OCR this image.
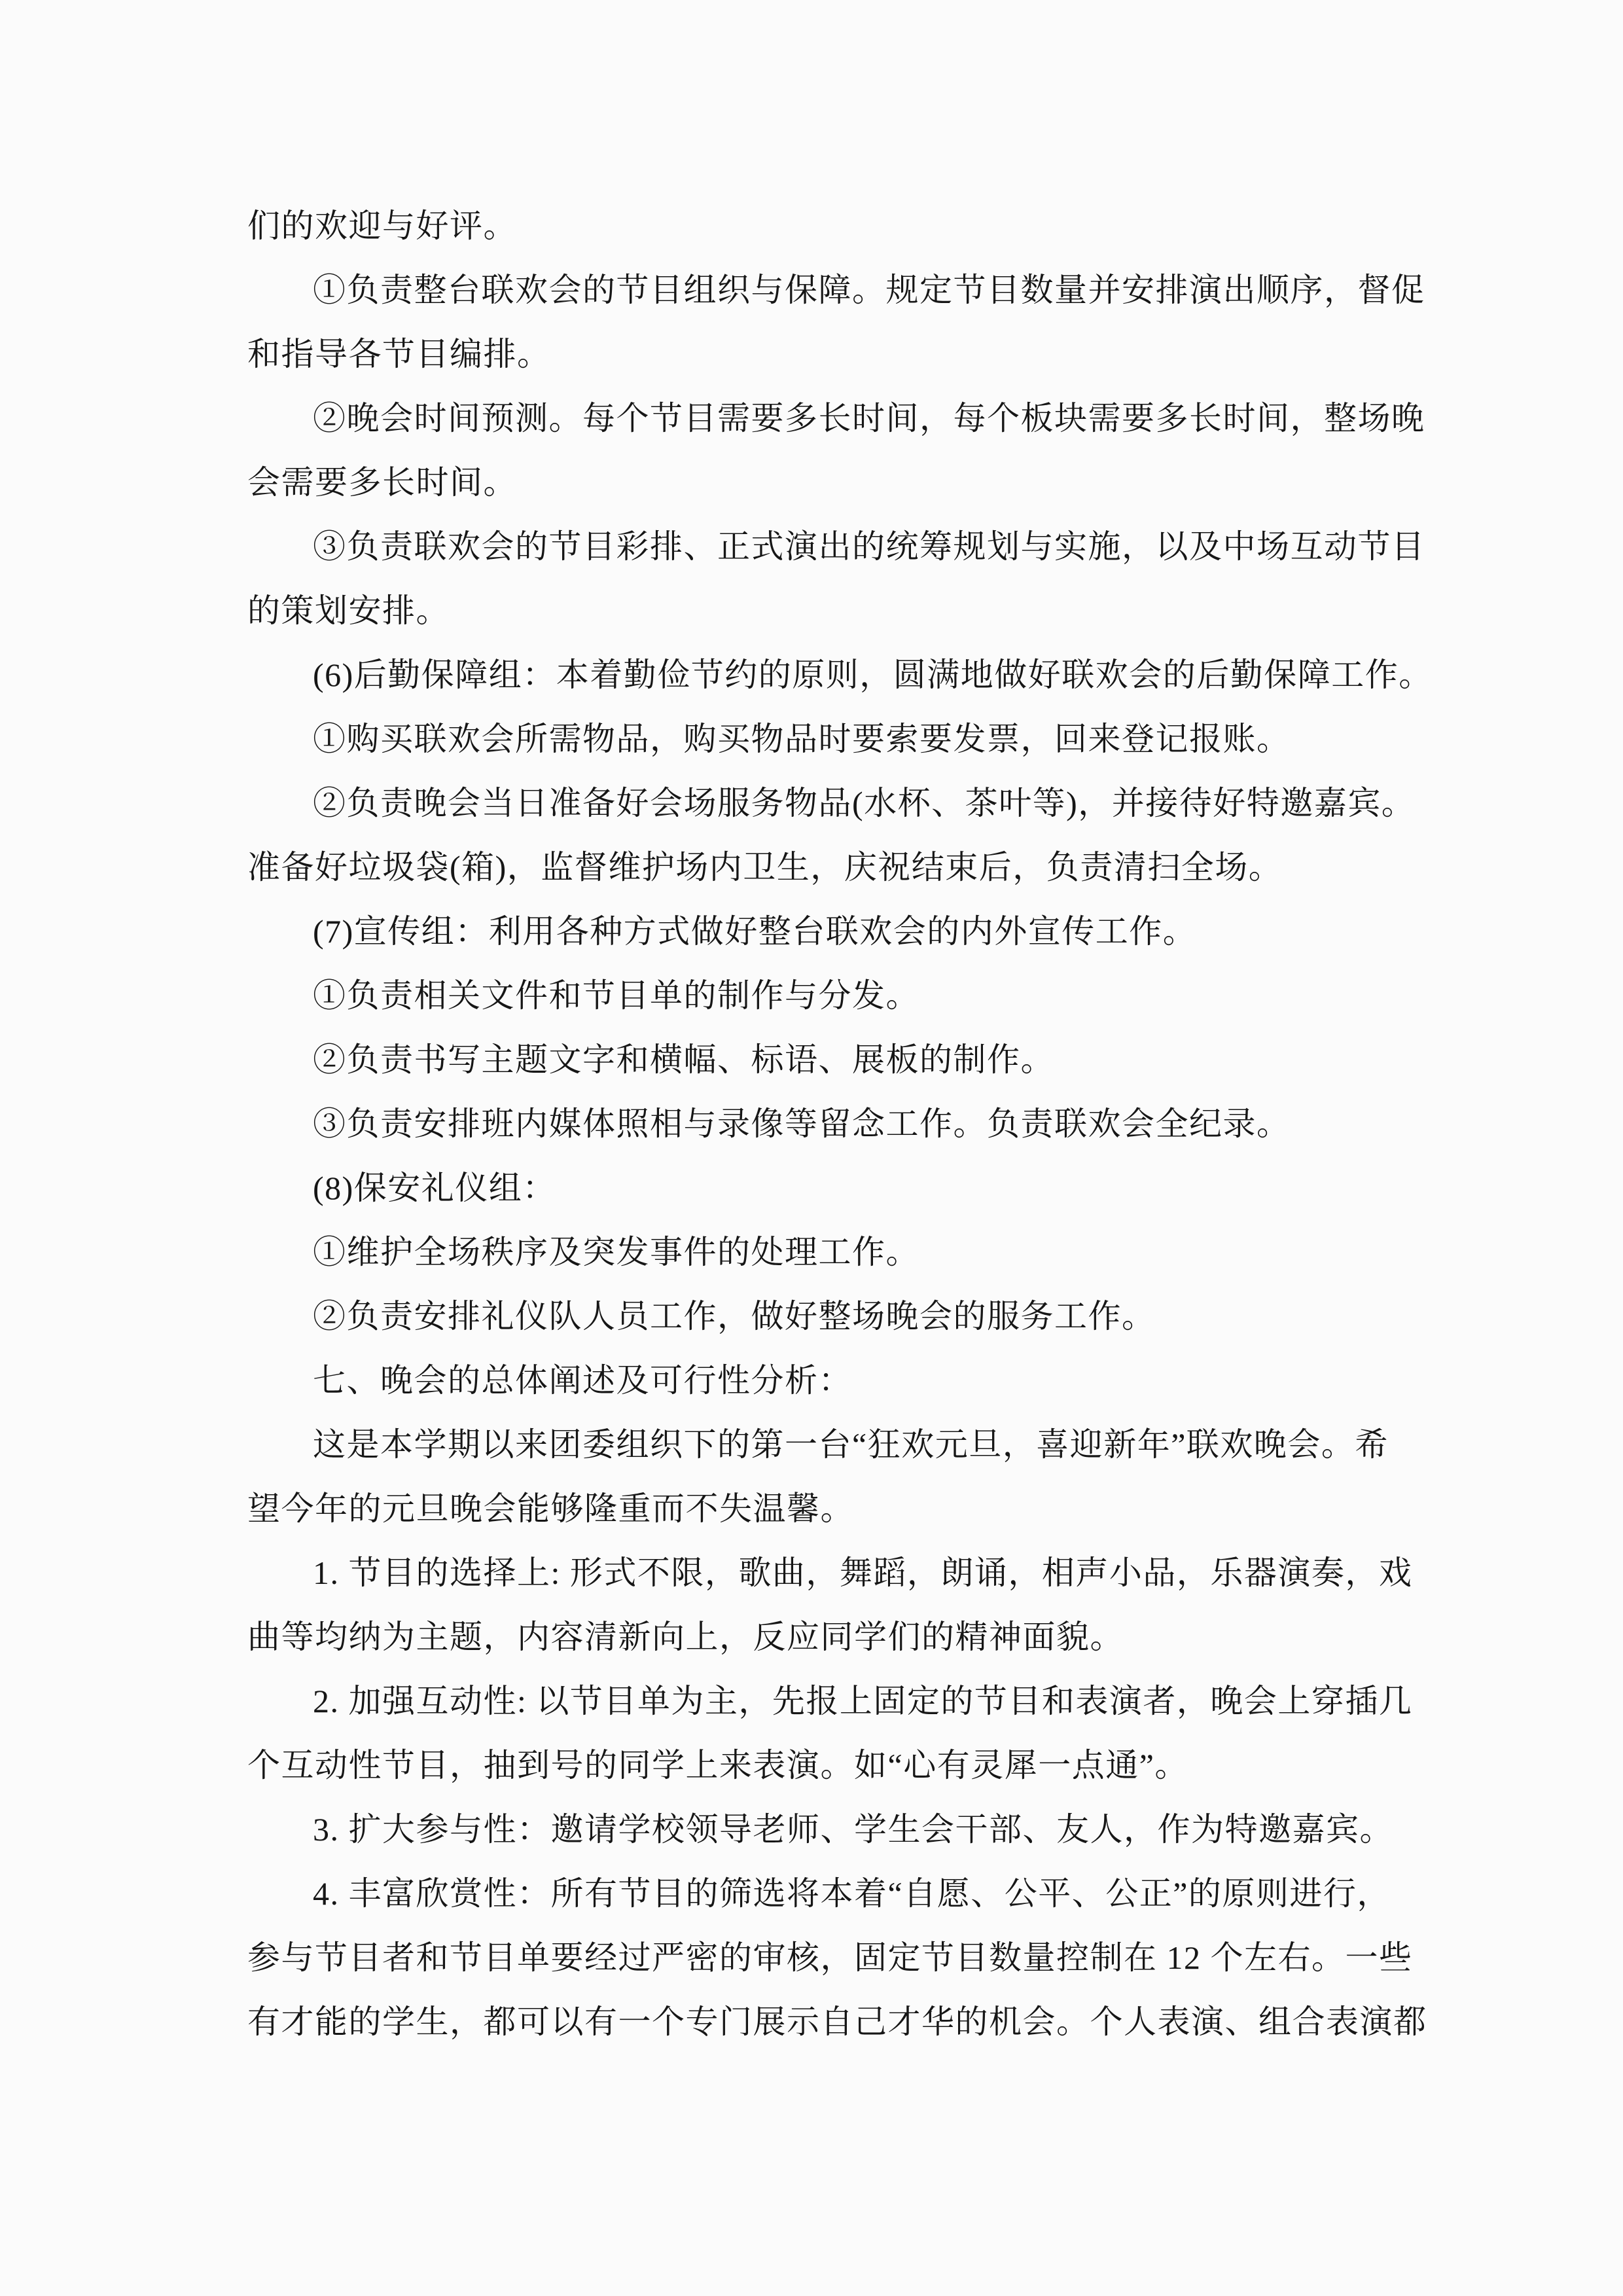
们的欢迎与好评。

①负责整台联欢会的节目组织与保障。规定节目数量并安排演出顺序，督促

和指导各节目编排。

②晚会时间预测。每个节目需要多长时间，每个板块需要多长时间，整场晚

会需要多长时间。

③负责联欢会的节目彩排、正式演出的统筹规划与实施，以及中场互动节目

的策划安排。

(6)后勤保障组：本着勤俭节约的原则，圆满地做好联欢会的后勤保障工作。

①购买联欢会所需物品，购买物品时要索要发票，回来登记报账。

②负责晚会当日准备好会场服务物品(水杯、茶叶等)，并接待好特邀嘉宾。

准备好垃圾袋(箱)，监督维护场内卫生，庆祝结束后，负责清扫全场。

(7)宣传组：利用各种方式做好整台联欢会的内外宣传工作。

①负责相关文件和节目单的制作与分发。

②负责书写主题文字和横幅、标语、展板的制作。

③负责安排班内媒体照相与录像等留念工作。负责联欢会全纪录。

(8)保安礼仪组：

①维护全场秩序及突发事件的处理工作。

②负责安排礼仪队人员工作，做好整场晚会的服务工作。

七、晚会的总体阐述及可行性分析：

这是本学期以来团委组织下的第一台“狂欢元旦，喜迎新年”联欢晚会。希

望今年的元旦晚会能够隆重而不失温馨。

1. 节目的选择上: 形式不限，歌曲，舞蹈，朗诵，相声小品，乐器演奏，戏

曲等均纳为主题，内容清新向上，反应同学们的精神面貌。

2. 加强互动性: 以节目单为主，先报上固定的节目和表演者，晚会上穿插几

个互动性节目，抽到号的同学上来表演。如“心有灵犀一点通”。

3. 扩大参与性：邀请学校领导老师、学生会干部、友人，作为特邀嘉宾。

4. 丰富欣赏性：所有节目的筛选将本着“自愿、公平、公正”的原则进行，

参与节目者和节目单要经过严密的审核，固定节目数量控制在 12 个左右。一些

有才能的学生，都可以有一个专门展示自己才华的机会。个人表演、组合表演都
